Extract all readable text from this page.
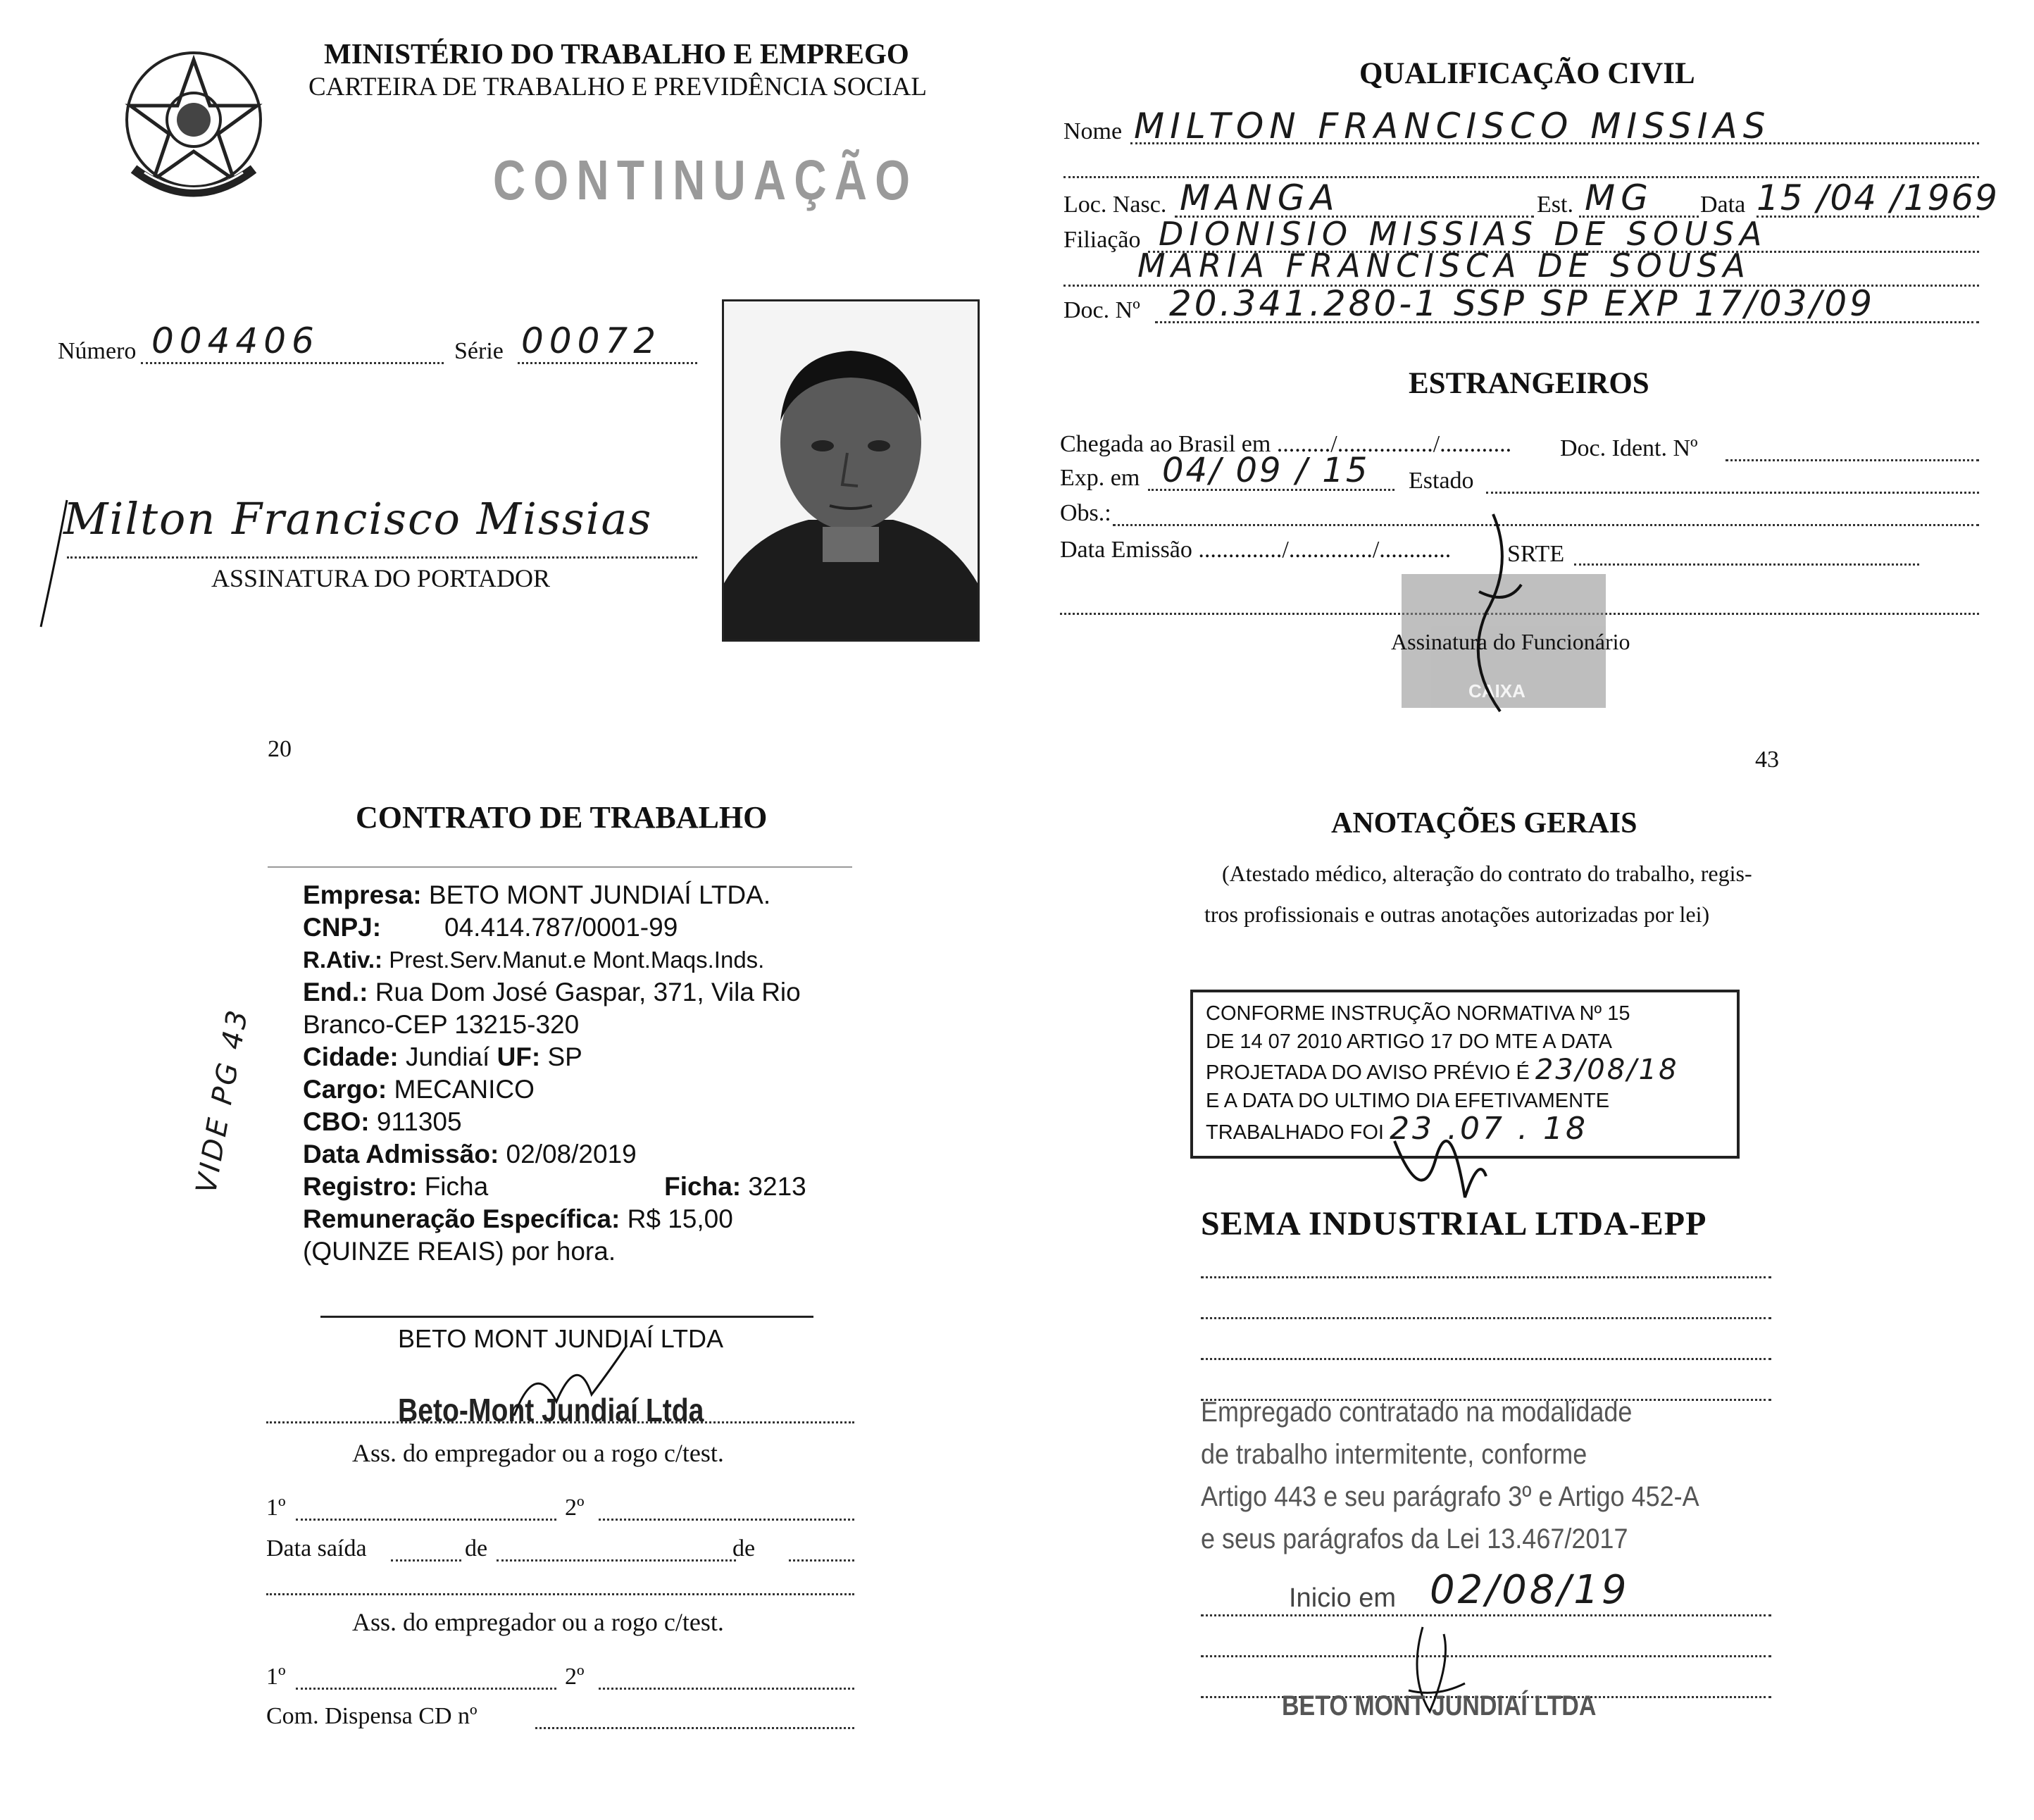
MINISTÉRIO DO TRABALHO E EMPREGO
CARTEIRA DE TRABALHO E PREVIDÊNCIA SOCIAL
CONTINUAÇÃO
Número 004406	Série 00072
Milton Francisco Missias
ASSINATURA DO PORTADOR
QUALIFICAÇÃO CIVIL
Nome MILTON FRANCISCO MISSIAS
Loc. Nasc. MANGA	Est. MG Data 15 /04 /1969
Filiação DIONISIO MISSIAS DE SOUSA
MARIA FRANCISCA DE SOUSA
Doc. Nº 20.341.280-1 SSP SP EXP 17/03/09
ESTRANGEIROS
Chegada ao Brasil em ........./................/............ Doc. Ident. Nº
Exp. em 04/ 09 / 15 Estado
Obs.:
Data Emissão ............../............../............ SRTE
CAIXA
Assinatura do Funcionário
20
CONTRATO DE TRABALHO
Empresa: BETO MONT JUNDIAÍ LTDA.
CNPJ: 04.414.787/0001-99
R.Ativ.: Prest.Serv.Manut.e Mont.Maqs.Inds.
End.: Rua Dom José Gaspar, 371, Vila Rio
Branco-CEP 13215-320
Cidade: Jundiaí UF: SP
Cargo: MECANICO
CBO: 911305
Data Admissão: 02/08/2019
Registro: Ficha	Ficha: 3213
Remuneração Específica: R$ 15,00
(QUINZE REAIS) por hora.
VIDE PG 43
BETO MONT JUNDIAÍ LTDA
Beto-Mont Jundiaí Ltda
Ass. do empregador ou a rogo c/test.
1º	2º
Data saída	de	de
Ass. do empregador ou a rogo c/test.
1º	2º
Com. Dispensa CD nº
43
ANOTAÇÕES GERAIS
(Atestado médico, alteração do contrato do trabalho, regis-
tros profissionais e outras anotações autorizadas por lei)
CONFORME INSTRUÇÃO NORMATIVA Nº 15
DE 14 07 2010 ARTIGO 17 DO MTE A DATA
PROJETADA DO AVISO PRÉVIO É 23/08/18
E A DATA DO ULTIMO DIA EFETIVAMENTE
TRABALHADO FOI 23 .07 . 18
SEMA INDUSTRIAL LTDA-EPP
Empregado contratado na modalidade
de trabalho intermitente, conforme
Artigo 443 e seu parágrafo 3º e Artigo 452-A
e seus parágrafos da Lei 13.467/2017
Inicio em 02/08/19
BETO MONT JUNDIAÍ LTDA
